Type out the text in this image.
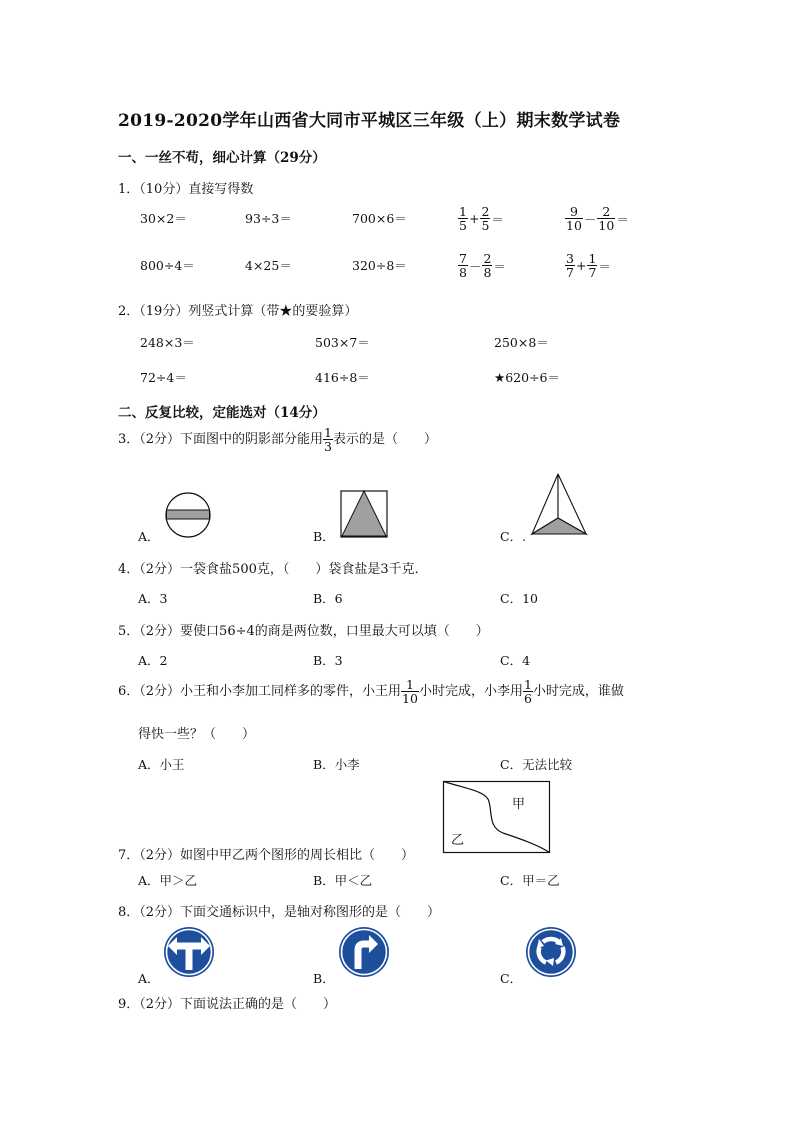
2019-2020学年山西省大同市平城区三年级（上）期末数学试卷
一、一丝不苟，细心计算（29分）
1．（10分）直接写得数
30×2＝	93÷3＝	700×6＝	$\frac{1}{5} + \frac{2}{5}$ ＝	$\frac{9}{10} - \frac{2}{10}$ ＝
800÷4＝	4×25＝	320÷8＝	$\frac{7}{8} - \frac{2}{8}$ ＝	$\frac{3}{7} + \frac{1}{7}$ ＝
2．（19分）列竖式计算（带★的要验算）
248×3＝	503×7＝	250×8＝
72÷4＝	416÷8＝	★620÷6＝
二、反复比较，定能选对（14分）
3．（2分）下面图中的阴影部分能用 $\frac{1}{3}$ 表示的是（　　）
A．	B．	C．.
4．（2分）一袋食盐500克，（　　）袋食盐是3千克．
A．3	B．6	C．10
5．（2分）要使口56÷4的商是两位数，口里最大可以填（　　）
A．2	B．3	C．4
6．（2分）小王和小李加工同样多的零件，小王用 $\frac{1}{10}$ 小时完成，小李用 $\frac{1}{6}$ 小时完成，谁做
得快一些？（　　）
A．小王	B．小李	C．无法比较
甲
乙
7．（2分）如图中甲乙两个图形的周长相比（　　）
A．甲＞乙	B．甲＜乙	C．甲＝乙
8．（2分）下面交通标识中，是轴对称图形的是（　　）
A．	B．	C．
9．（2分）下面说法正确的是（　　）
